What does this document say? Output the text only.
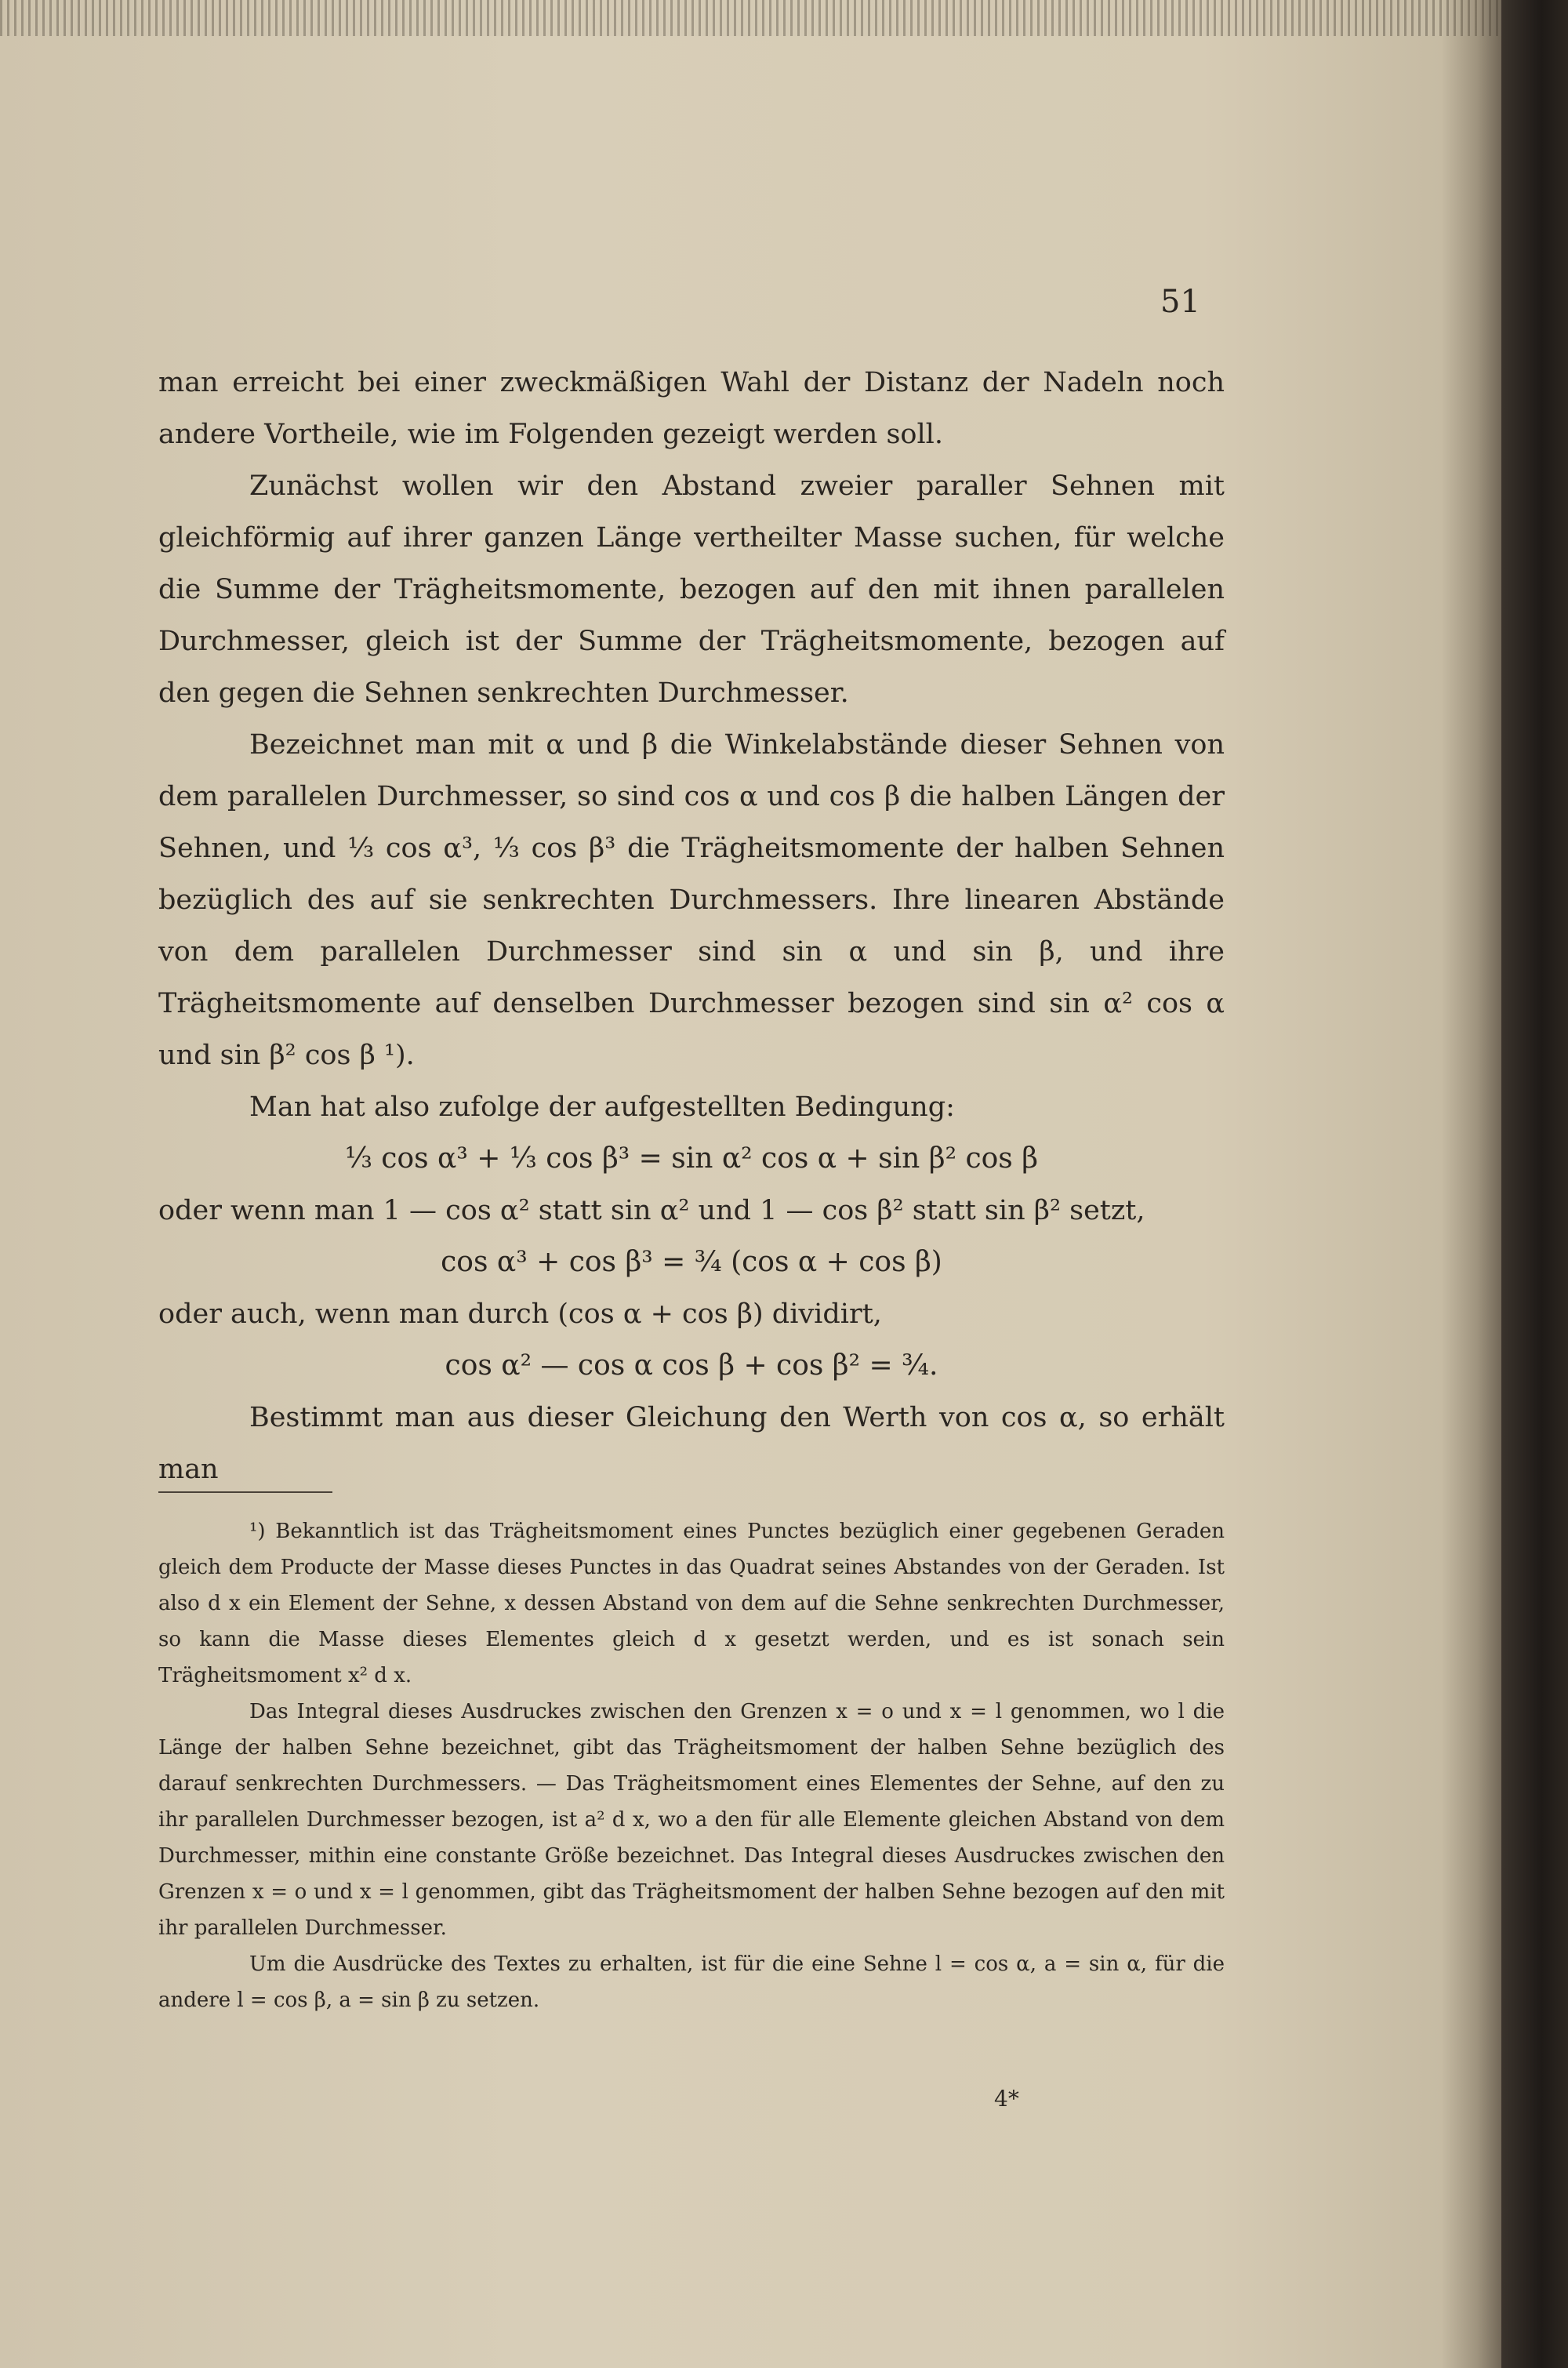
51

man erreicht bei einer zweckmäßigen Wahl der Distanz der Nadeln noch andere Vortheile, wie im Folgenden gezeigt werden soll.

Zunächst wollen wir den Abstand zweier paraller Sehnen mit gleichförmig auf ihrer ganzen Länge vertheilter Masse suchen, für welche die Summe der Trägheitsmomente, bezogen auf den mit ihnen parallelen Durchmesser, gleich ist der Summe der Trägheitsmomente, bezogen auf den gegen die Sehnen senkrechten Durchmesser.

Bezeichnet man mit α und β die Winkelabstände dieser Sehnen von dem parallelen Durchmesser, so sind cos α und cos β die halben Längen der Sehnen, und ⅓ cos α³, ⅓ cos β³ die Trägheitsmomente der halben Sehnen bezüglich des auf sie senkrechten Durchmessers. Ihre linearen Abstände von dem parallelen Durchmesser sind sin α und sin β, und ihre Trägheitsmomente auf denselben Durchmesser bezogen sind sin α² cos α und sin β² cos β ¹).

Man hat also zufolge der aufgestellten Bedingung:

⅓ cos α³ + ⅓ cos β³ = sin α² cos α + sin β² cos β

oder wenn man 1 — cos α² statt sin α² und 1 — cos β² statt sin β² setzt,

cos α³ + cos β³ = ¾ (cos α + cos β)

oder auch, wenn man durch (cos α + cos β) dividirt,

cos α² — cos α cos β + cos β² = ¾.

Bestimmt man aus dieser Gleichung den Werth von cos α, so erhält man

¹) Bekanntlich ist das Trägheitsmoment eines Punctes bezüglich einer gegebenen Geraden gleich dem Producte der Masse dieses Punctes in das Quadrat seines Abstandes von der Geraden. Ist also d x ein Element der Sehne, x dessen Abstand von dem auf die Sehne senkrechten Durchmesser, so kann die Masse dieses Elementes gleich d x gesetzt werden, und es ist sonach sein Trägheitsmoment x² d x.

Das Integral dieses Ausdruckes zwischen den Grenzen x = o und x = l genommen, wo l die Länge der halben Sehne bezeichnet, gibt das Trägheitsmoment der halben Sehne bezüglich des darauf senkrechten Durchmessers. — Das Trägheitsmoment eines Elementes der Sehne, auf den zu ihr parallelen Durchmesser bezogen, ist a² d x, wo a den für alle Elemente gleichen Abstand von dem Durchmesser, mithin eine constante Größe bezeichnet. Das Integral dieses Ausdruckes zwischen den Grenzen x = o und x = l genommen, gibt das Trägheitsmoment der halben Sehne bezogen auf den mit ihr parallelen Durchmesser.

Um die Ausdrücke des Textes zu erhalten, ist für die eine Sehne l = cos α, a = sin α, für die andere l = cos β, a = sin β zu setzen.

4*
